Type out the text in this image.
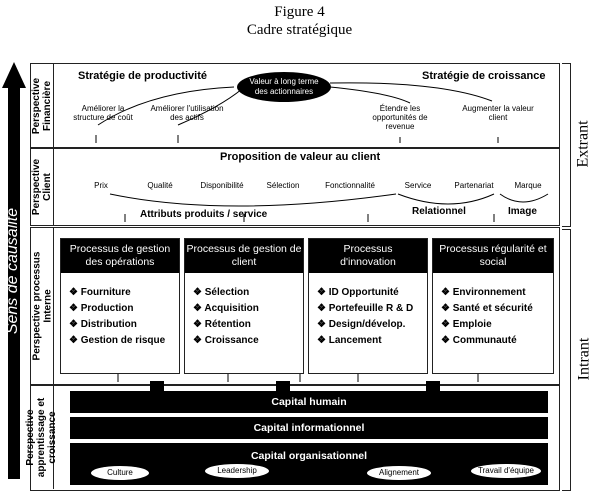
Figure 4
Cadre stratégique
Sens de causalité
Extrant
Intrant
Perspective
Financière
Stratégie de productivité	Stratégie de croissance
Valeur à long terme des actionnaires
Améliorer la structure de coût
Améliorer l'utilisation des actifs
Étendre les opportunités de revenue
Augmenter la valeur client
Perspective
Client
Proposition de valeur au client
Prix	Qualité	Disponibilité	Sélection	Fonctionnalité	Service	Partenariat	Marque
Attributs produits / service	Relationnel	Image
Perspective processus
Interne
Processus de gestion des opérations
❖ Fourniture
❖ Production
❖ Distribution
❖ Gestion de risque
Processus de gestion de client
❖ Sélection
❖ Acquisition
❖ Rétention
❖ Croissance
Processus d'innovation
❖ ID Opportunité
❖ Portefeuille R & D
❖ Design/dévelop.
❖ Lancement
Processus régularité et social
❖ Environnement
❖ Santé et sécurité
❖ Emploie
❖ Communauté
Perspective
apprentissage et
croissance
Capital humain
Capital informationnel
Capital organisationnel
Culture	Leadership	Alignement	Travail d'équipe
